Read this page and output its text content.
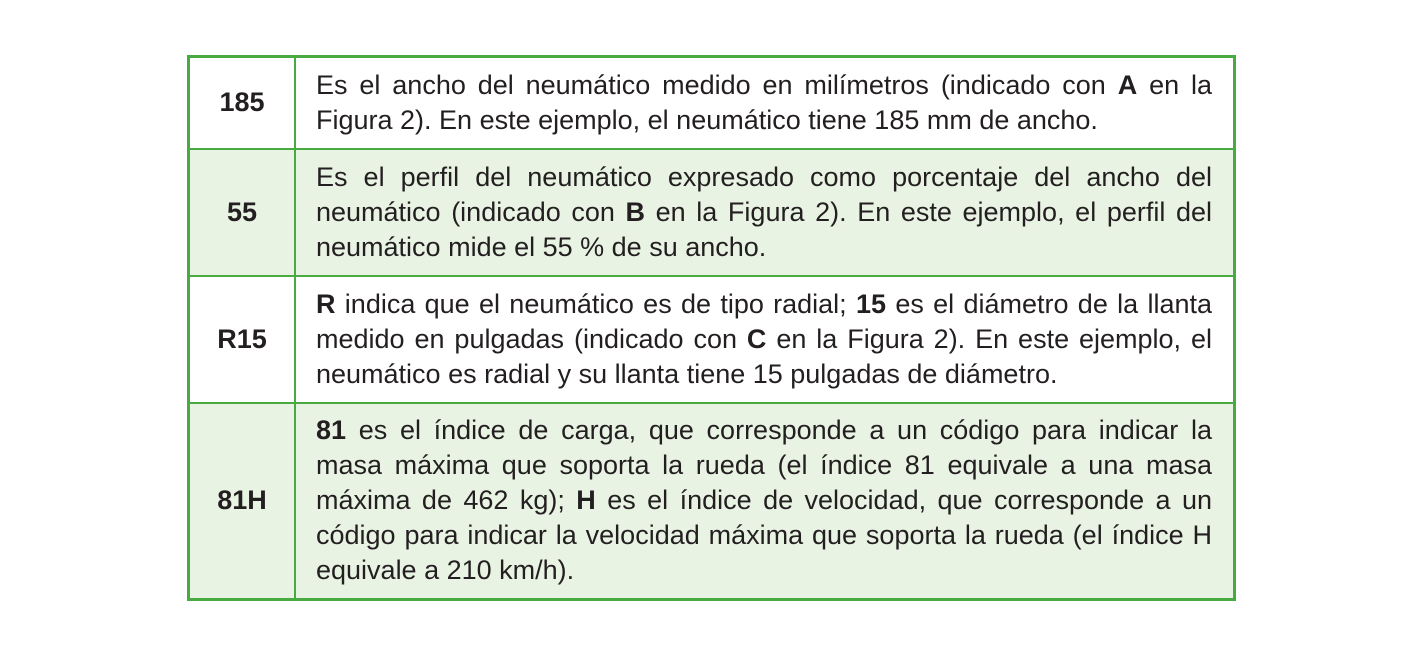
185	Es el ancho del neumático medido en milímetros (indicado con A en la Figura 2). En este ejemplo, el neumático tiene 185 mm de ancho.
55	Es el perfil del neumático expresado como porcentaje del ancho del neumático (indicado con B en la Figura 2). En este ejemplo, el perfil del neumático mide el 55 % de su ancho.
R15	R indica que el neumático es de tipo radial; 15 es el diámetro de la llanta medido en pulgadas (indicado con C en la Figura 2). En este ejemplo, el neumático es radial y su llanta tiene 15 pulgadas de diámetro.
81H	81 es el índice de carga, que corresponde a un código para indicar la masa máxima que soporta la rueda (el índice 81 equivale a una masa máxima de 462 kg); H es el índice de velocidad, que corresponde a un código para indicar la velocidad máxima que soporta la rueda (el índice H equivale a 210 km/h).
